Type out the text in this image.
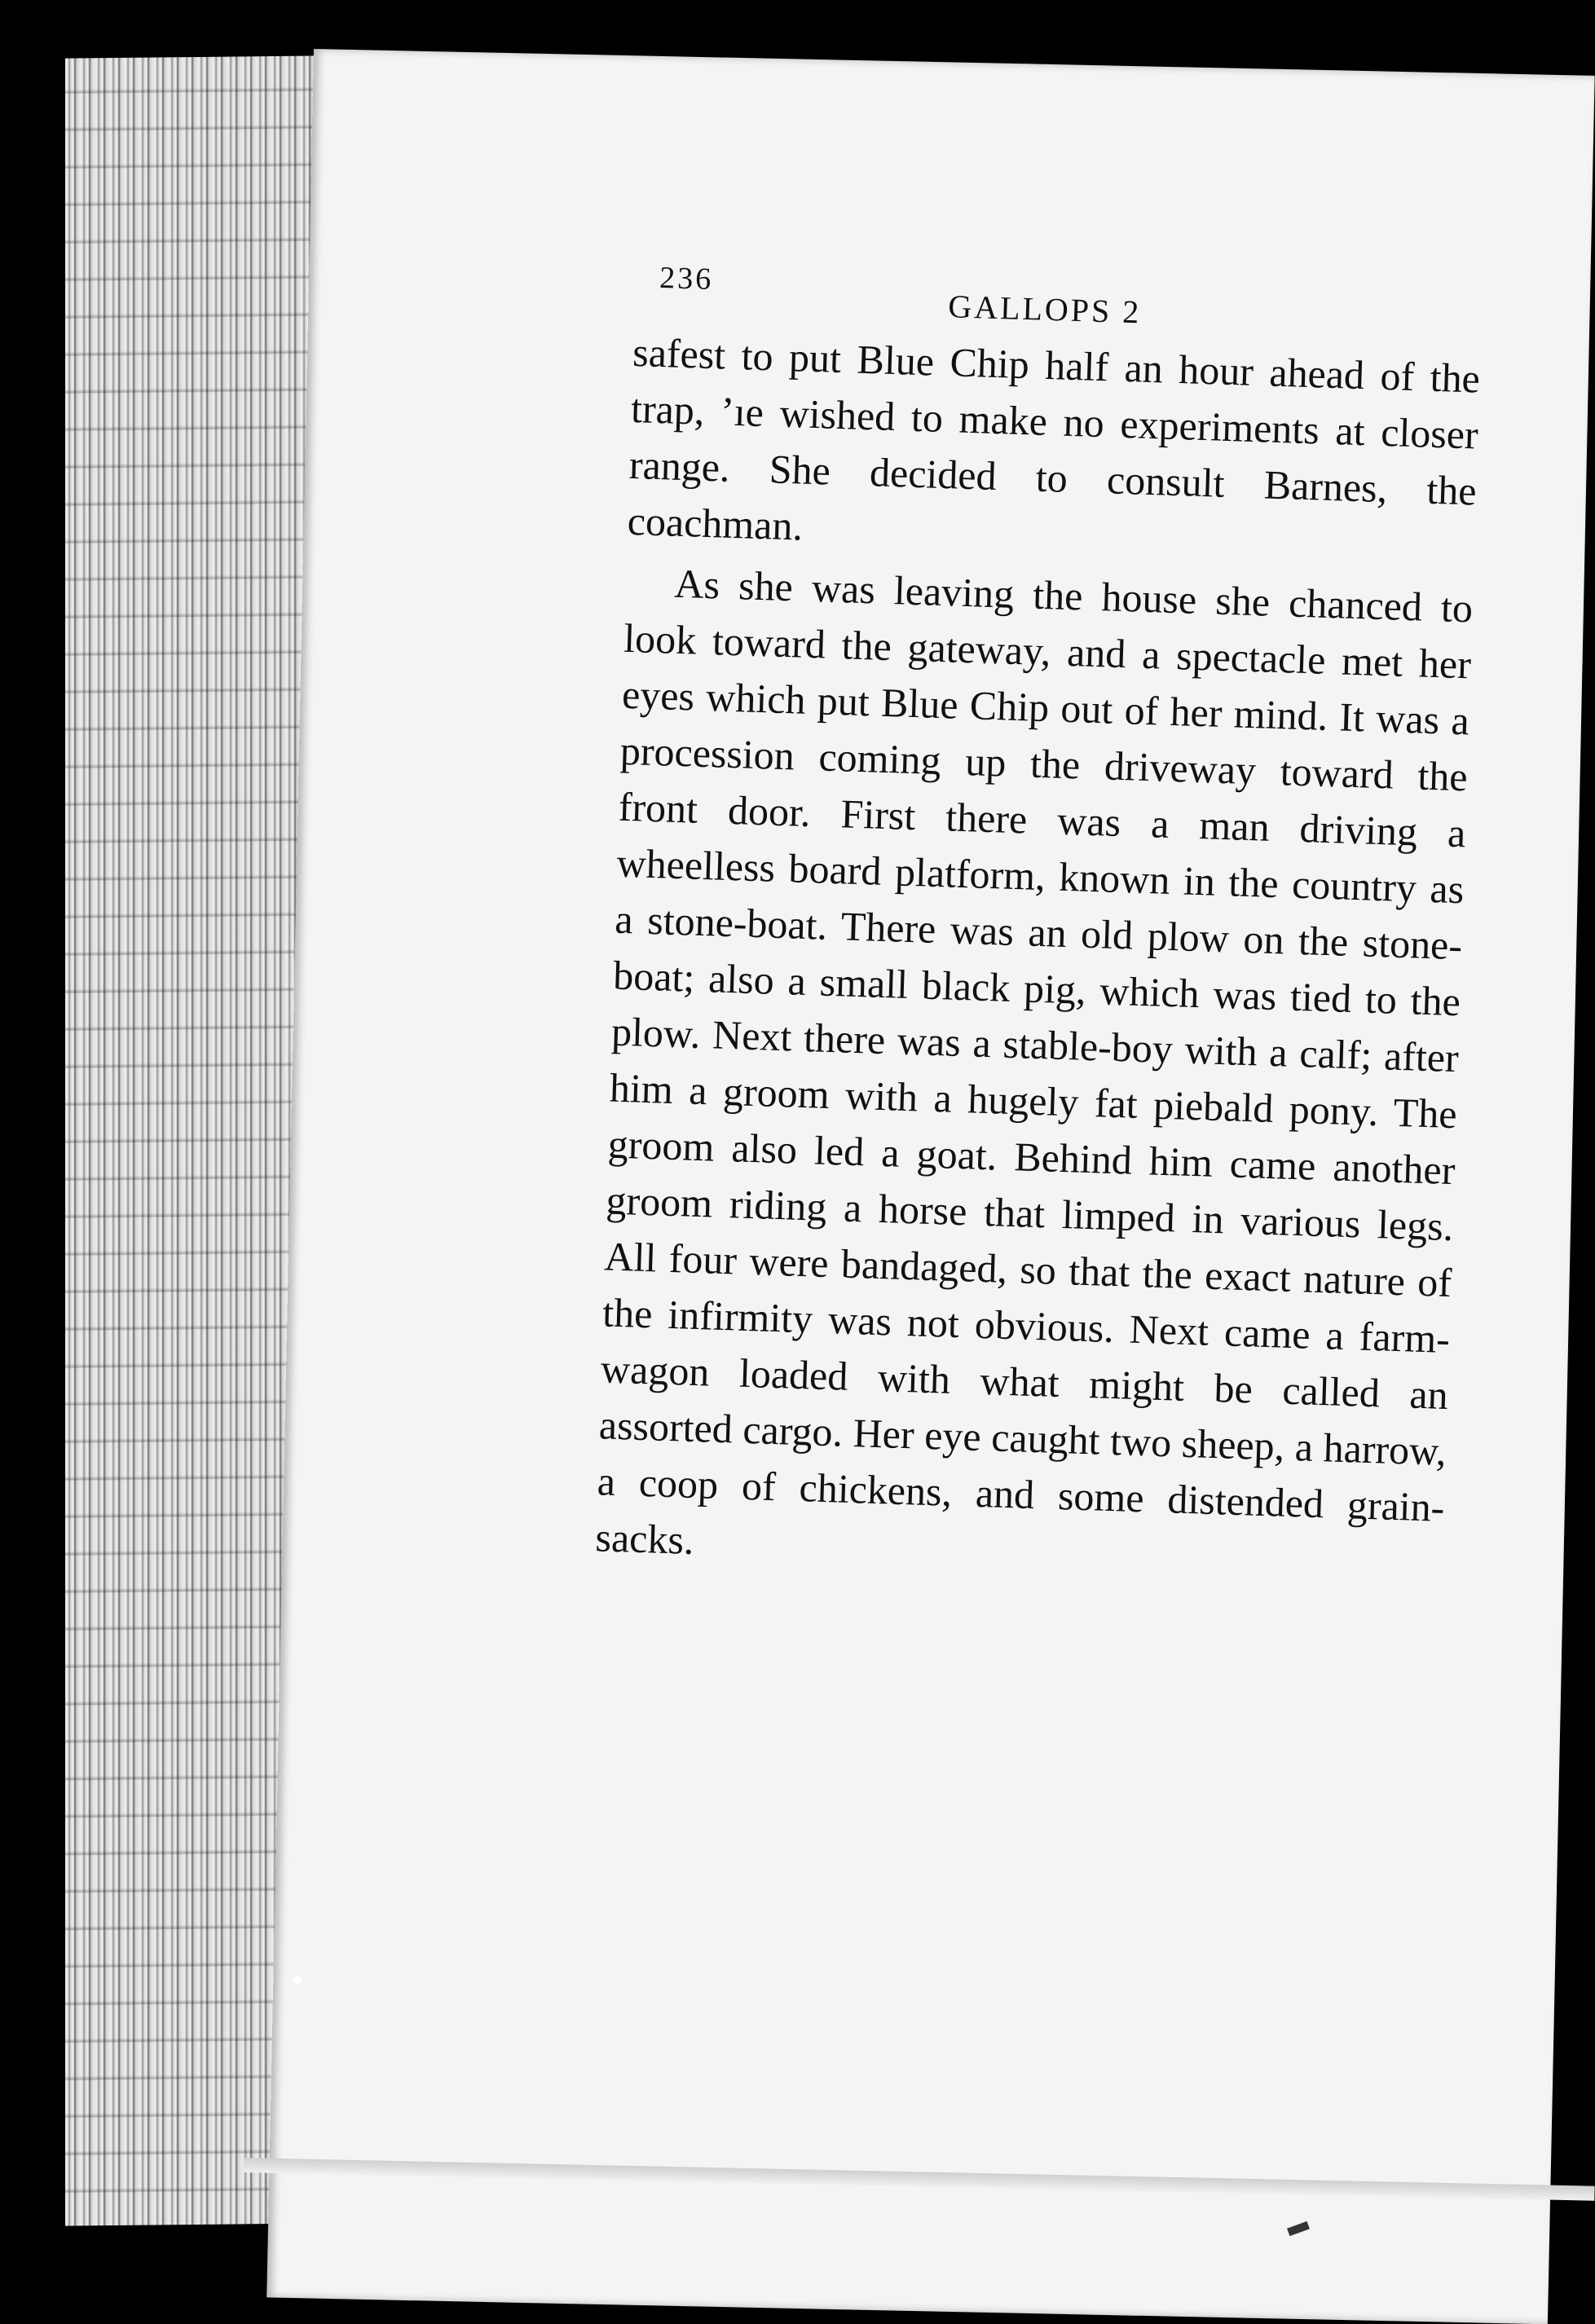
236
GALLOPS 2

safest to put Blue Chip half an hour ahead of the trap, ʼıe wished to make no experiments at closer range. She decided to consult Barnes, the coachman.

As she was leaving the house she chanced to look toward the gateway, and a spectacle met her eyes which put Blue Chip out of her mind. It was a procession coming up the driveway toward the front door. First there was a man driving a wheelless board platform, known in the country as a stone-boat. There was an old plow on the stone-boat; also a small black pig, which was tied to the plow. Next there was a stable-boy with a calf; after him a groom with a hugely fat piebald pony. The groom also led a goat. Behind him came another groom riding a horse that limped in various legs. All four were bandaged, so that the exact nature of the infirmity was not obvious. Next came a farm-wagon loaded with what might be called an assorted cargo. Her eye caught two sheep, a harrow, a coop of chickens, and some distended grain-sacks.
